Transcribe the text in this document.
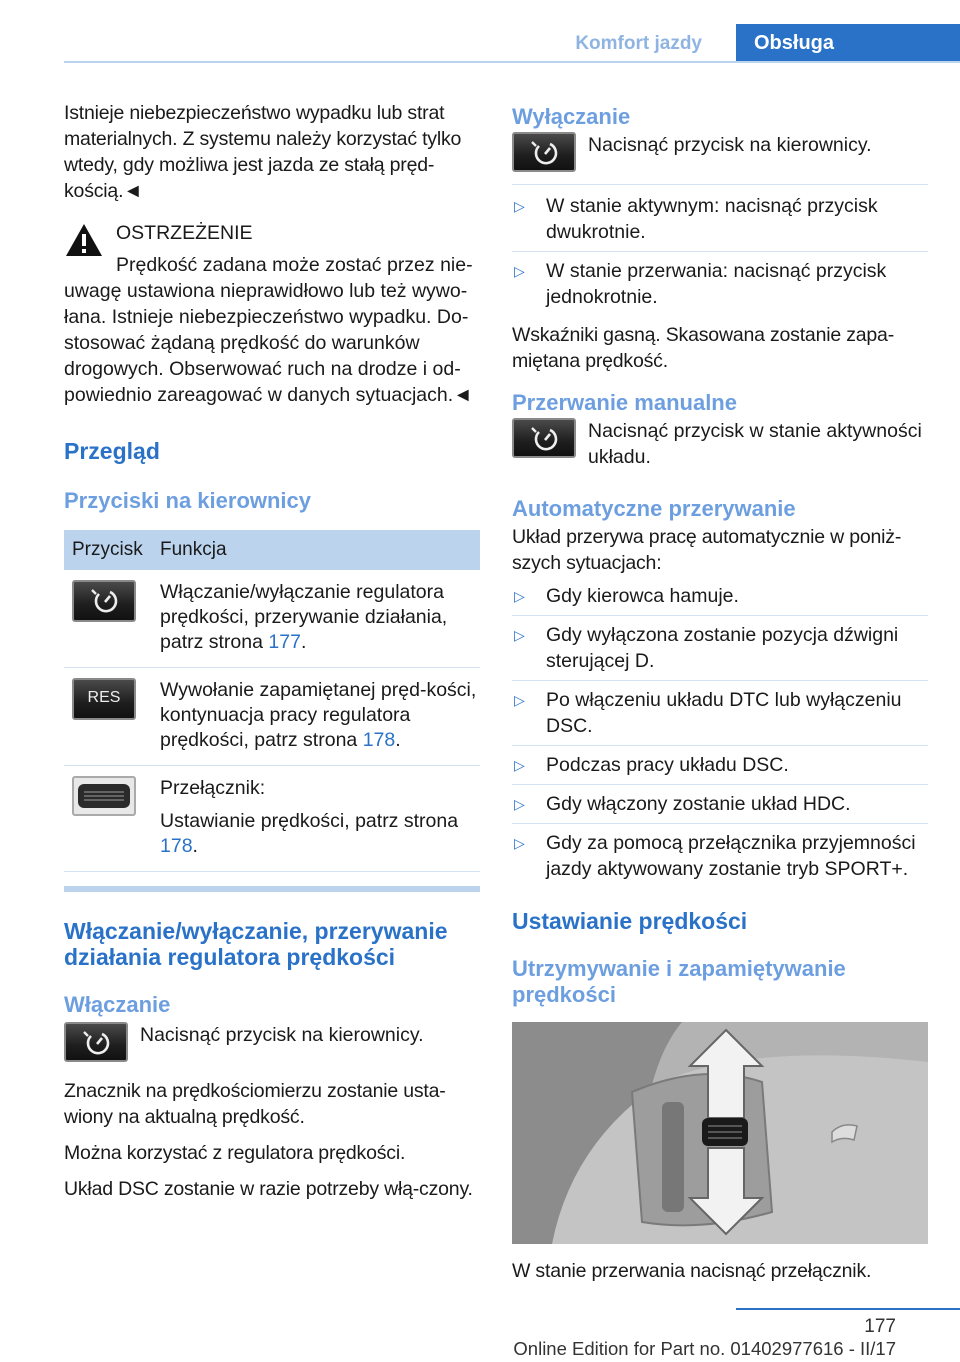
Komfort jazdy	Obsługa

Istnieje niebezpieczeństwo wypadku lub strat materialnych. Z systemu należy korzystać tylko wtedy, gdy możliwa jest jazda ze stałą pręd‐kością.◄

OSTRZEŻENIE
Prędkość zadana może zostać przez nie‐uwagę ustawiona nieprawidłowo lub też wywo‐łana. Istnieje niebezpieczeństwo wypadku. Do‐stosować żądaną prędkość do warunków drogowych. Obserwować ruch na drodze i od‐powiednio zareagować w danych sytuacjach.◄
Przegląd
Przyciski na kierownicy
Przycisk Funkcja
Włączanie/wyłączanie regulatora prędkości, przerywanie działania, patrz strona 177.
RES	Wywołanie zapamiętanej pręd‐kości, kontynuacja pracy regulatora prędkości, patrz strona 178.
Przełącznik:
Ustawianie prędkości, patrz strona 178.
Włączanie/wyłączanie, przerywanie działania regulatora prędkości
Włączanie
Nacisnąć przycisk na kierownicy.

Znacznik na prędkościomierzu zostanie usta‐wiony na aktualną prędkość.

Można korzystać z regulatora prędkości.

Układ DSC zostanie w razie potrzeby włą‐czony.

Wyłączanie
Nacisnąć przycisk na kierownicy.
▷	W stanie aktywnym: nacisnąć przycisk dwukrotnie.
▷	W stanie przerwania: nacisnąć przycisk jednokrotnie.

Wskaźniki gasną. Skasowana zostanie zapa‐miętana prędkość.

Przerwanie manualne
Nacisnąć przycisk w stanie aktywności układu.
Automatyczne przerywanie

Układ przerywa pracę automatycznie w poniż‐szych sytuacjach:

▷	Gdy kierowca hamuje.
▷	Gdy wyłączona zostanie pozycja dźwigni sterującej D.
▷	Po włączeniu układu DTC lub wyłączeniu DSC.
▷	Podczas pracy układu DSC.
▷	Gdy włączony zostanie układ HDC.
▷	Gdy za pomocą przełącznika przyjemności jazdy aktywowany zostanie tryb SPORT+.
Ustawianie prędkości
Utrzymywanie i zapamiętywanie prędkości

W stanie przerwania nacisnąć przełącznik.

177
Online Edition for Part no. 01402977616 - II/17
